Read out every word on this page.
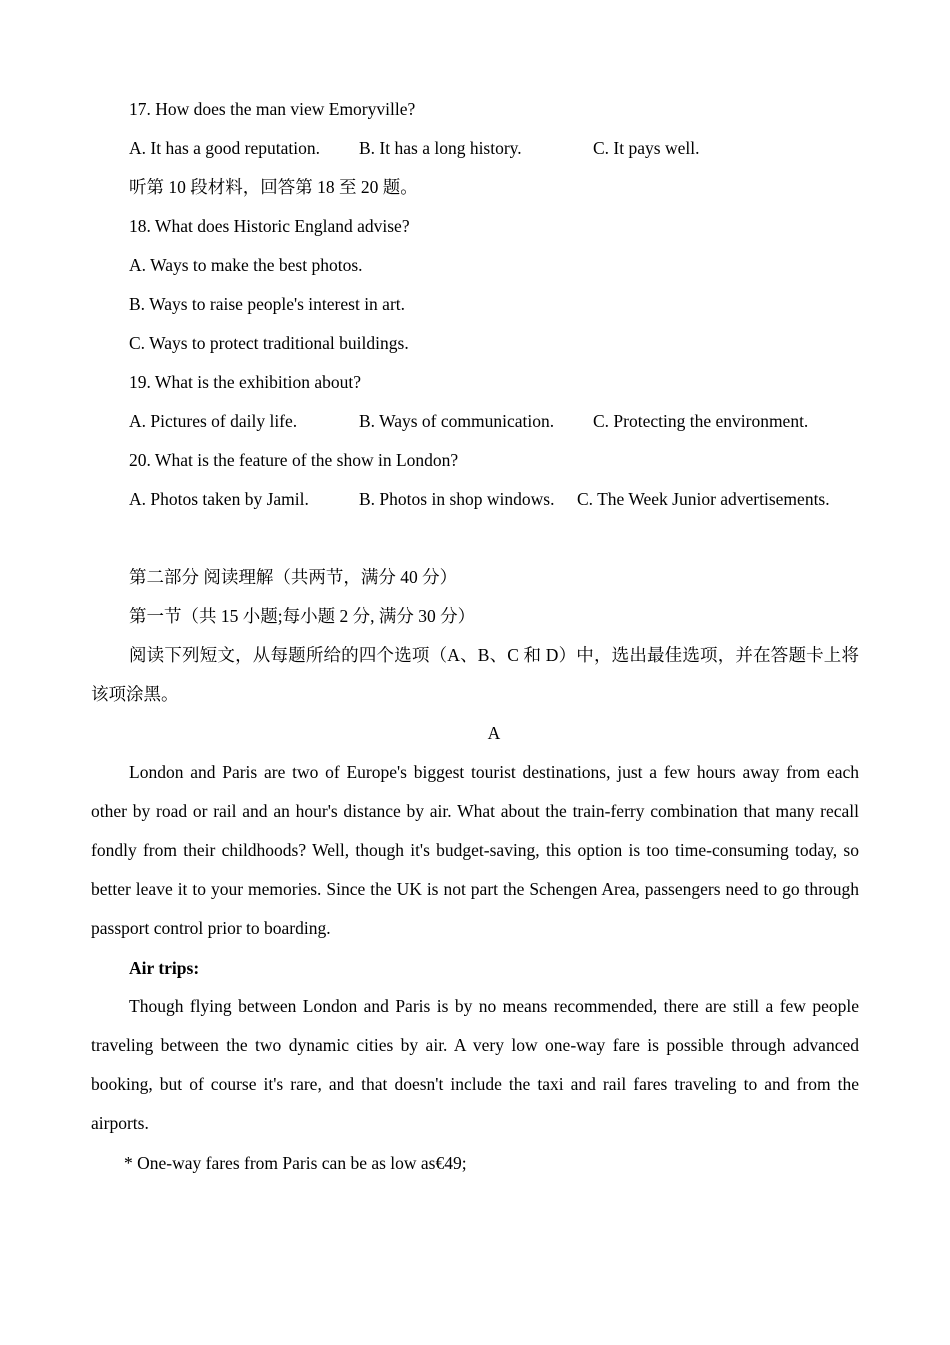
17. How does the man view Emoryville?
A. It has a good reputation. B. It has a long history.	C. It pays well.
听第 10 段材料，回答第 18 至 20 题。
18. What does Historic England advise?
A. Ways to make the best photos.
B. Ways to raise people's interest in art.
C. Ways to protect traditional buildings.
19. What is the exhibition about?
A. Pictures of daily life.	B. Ways of communication. C. Protecting the environment.
20. What is the feature of the show in London?
A. Photos taken by Jamil.	B. Photos in shop windows. C. The Week Junior advertisements.
第二部分 阅读理解（共两节，满分 40 分）
第一节（共 15 小题;每小题 2 分, 满分 30 分）
阅读下列短文，从每题所给的四个选项（A、B、C 和 D）中，选出最佳选项，并在答题卡上将该项涂黑。
A
London and Paris are two of Europe's biggest tourist destinations, just a few hours away from each other by road or rail and an hour's distance by air. What about the train-ferry combination that many recall fondly from their childhoods? Well, though it's budget-saving, this option is too time-consuming today, so better leave it to your memories. Since the UK is not part the Schengen Area, passengers need to go through passport control prior to boarding.
Air trips:
Though flying between London and Paris is by no means recommended, there are still a few people traveling between the two dynamic cities by air. A very low one-way fare is possible through advanced booking, but of course it's rare, and that doesn't include the taxi and rail fares traveling to and from the airports.
* One-way fares from Paris can be as low as€49;
